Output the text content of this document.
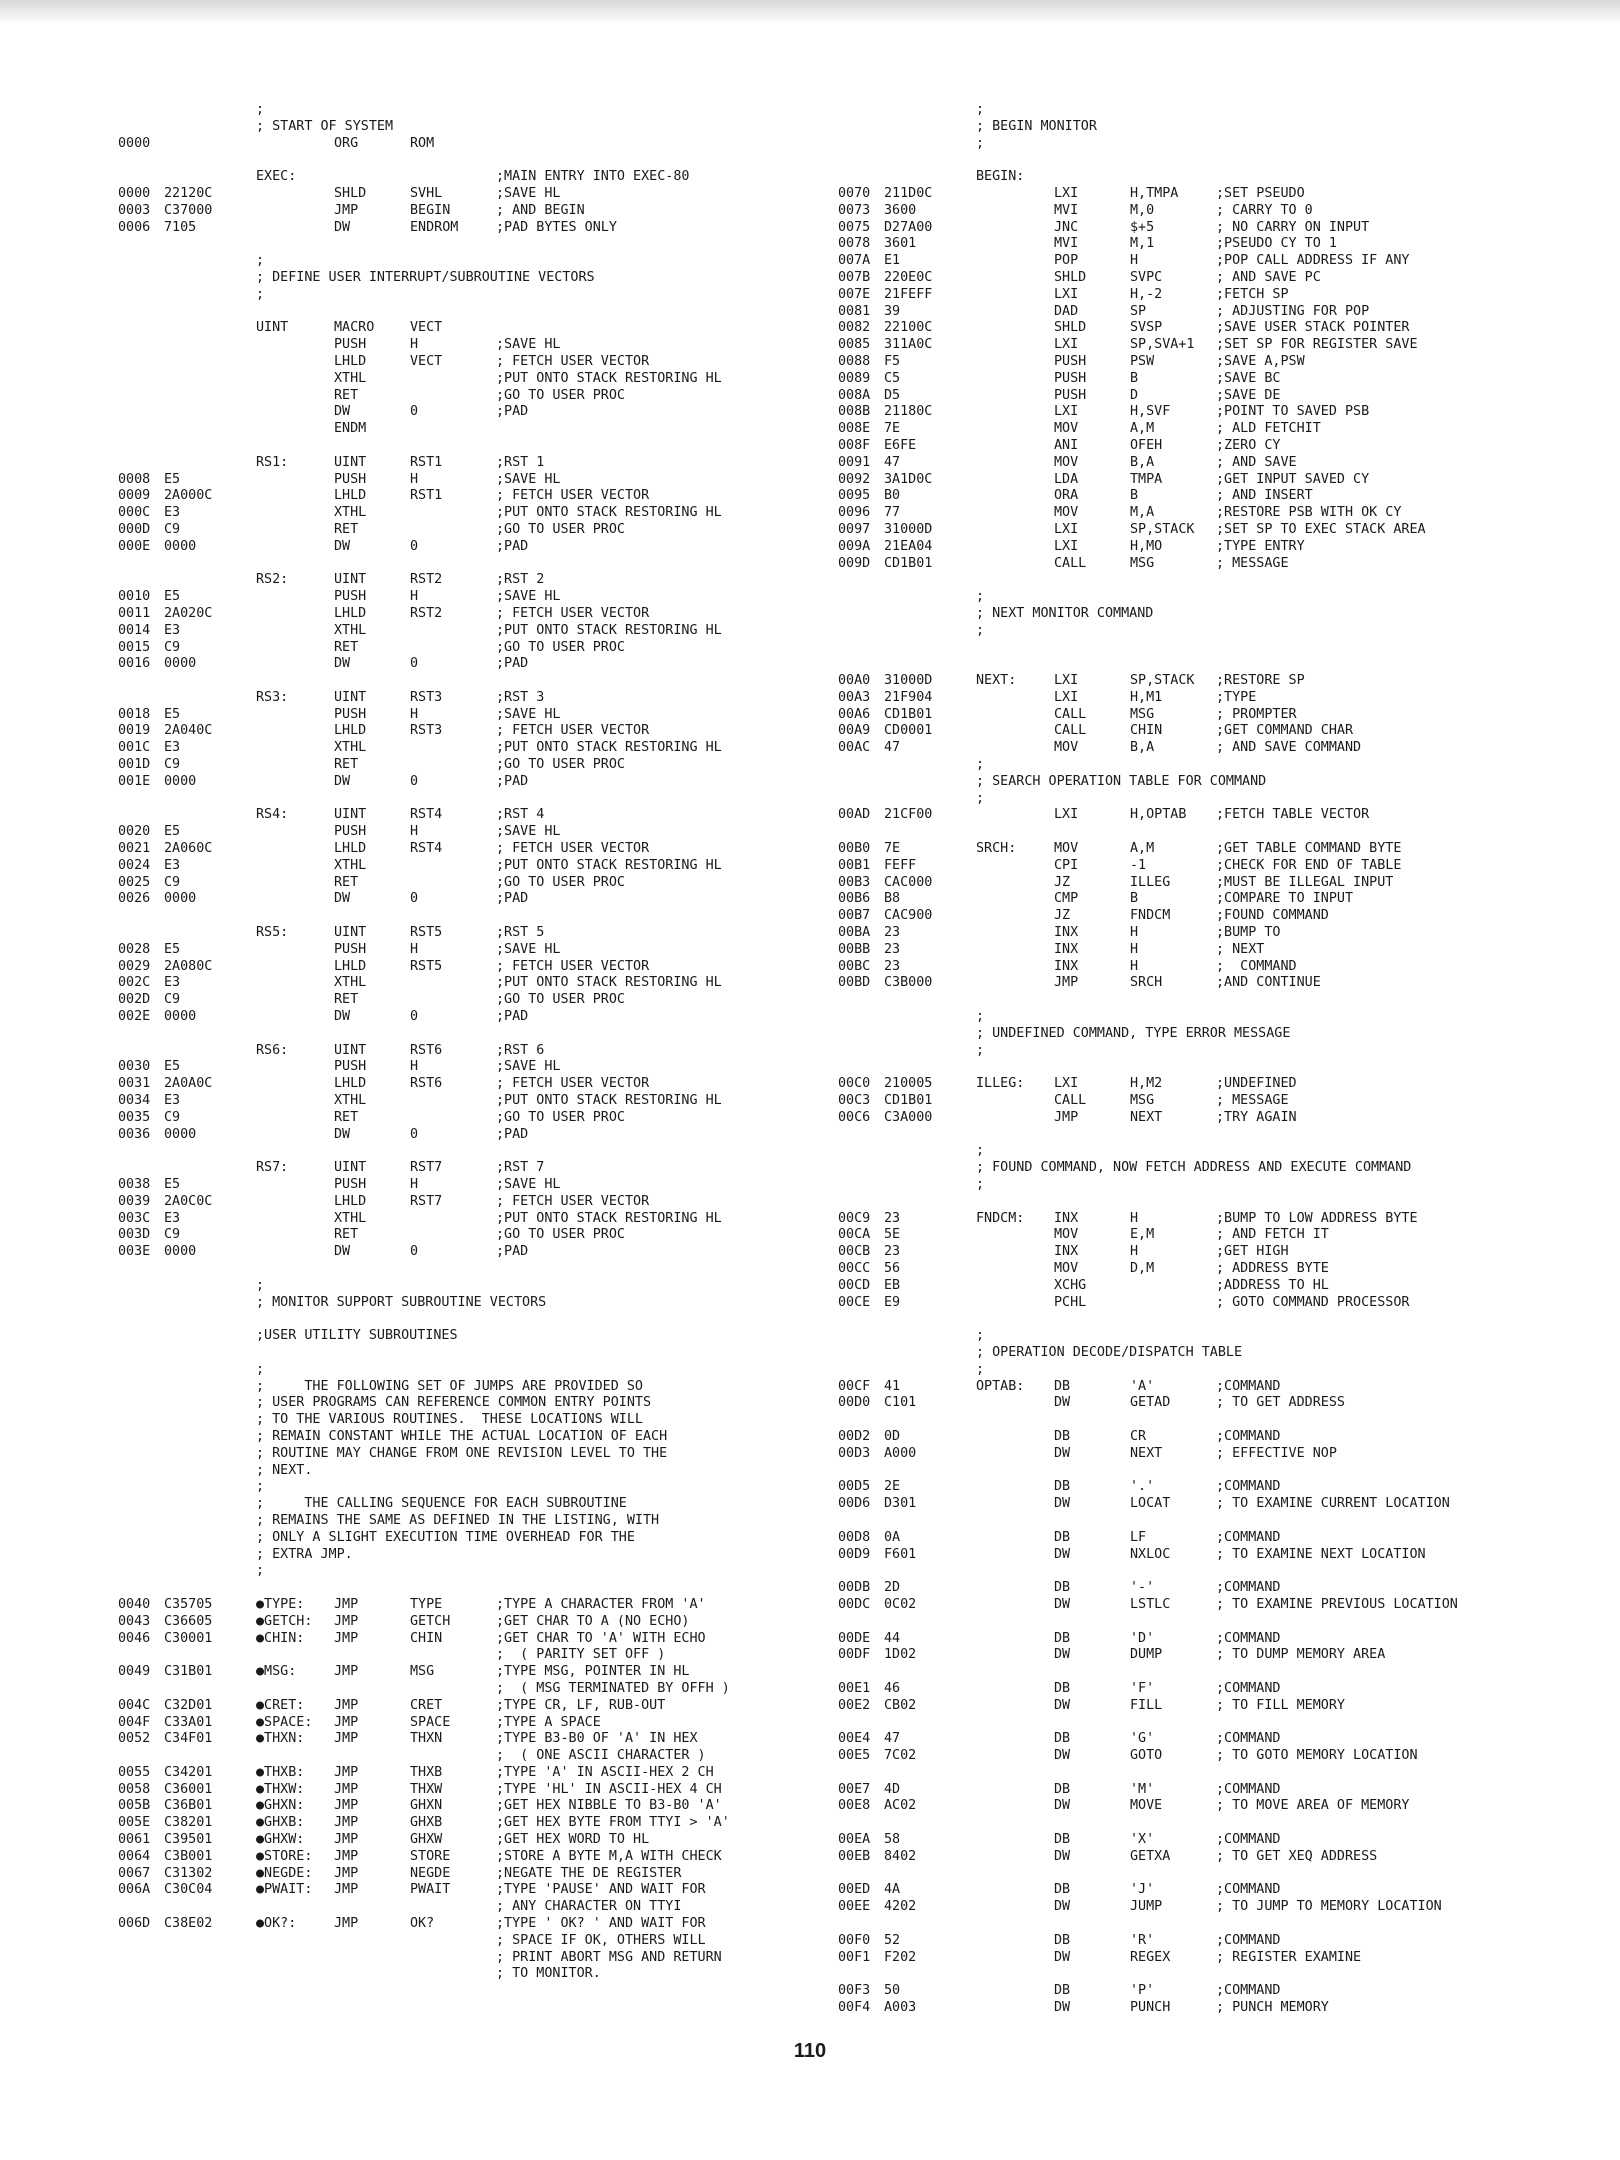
;
; START OF SYSTEM
0000	ORG	ROM
EXEC:	;MAIN ENTRY INTO EXEC-80
0000 22120C	SHLD	SVHL	;SAVE HL
0003 C37000	JMP	BEGIN	; AND BEGIN
0006 7105	DW	ENDROM	;PAD BYTES ONLY
;
; DEFINE USER INTERRUPT/SUBROUTINE VECTORS
;
UINT	MACRO	VECT
PUSH	H	;SAVE HL
LHLD	VECT	; FETCH USER VECTOR
XTHL	;PUT ONTO STACK RESTORING HL
RET	;GO TO USER PROC
DW	0	;PAD
ENDM
RS1:	UINT	RST1	;RST 1
0008 E5	PUSH	H	;SAVE HL
0009 2A000C	LHLD	RST1	; FETCH USER VECTOR
000C E3	XTHL	;PUT ONTO STACK RESTORING HL
000D C9	RET	;GO TO USER PROC
000E 0000	DW	0	;PAD
RS2:	UINT	RST2	;RST 2
0010 E5	PUSH	H	;SAVE HL
0011 2A020C	LHLD	RST2	; FETCH USER VECTOR
0014 E3	XTHL	;PUT ONTO STACK RESTORING HL
0015 C9	RET	;GO TO USER PROC
0016 0000	DW	0	;PAD
RS3:	UINT	RST3	;RST 3
0018 E5	PUSH	H	;SAVE HL
0019 2A040C	LHLD	RST3	; FETCH USER VECTOR
001C E3	XTHL	;PUT ONTO STACK RESTORING HL
001D C9	RET	;GO TO USER PROC
001E 0000	DW	0	;PAD
RS4:	UINT	RST4	;RST 4
0020 E5	PUSH	H	;SAVE HL
0021 2A060C	LHLD	RST4	; FETCH USER VECTOR
0024 E3	XTHL	;PUT ONTO STACK RESTORING HL
0025 C9	RET	;GO TO USER PROC
0026 0000	DW	0	;PAD
RS5:	UINT	RST5	;RST 5
0028 E5	PUSH	H	;SAVE HL
0029 2A080C	LHLD	RST5	; FETCH USER VECTOR
002C E3	XTHL	;PUT ONTO STACK RESTORING HL
002D C9	RET	;GO TO USER PROC
002E 0000	DW	0	;PAD
RS6:	UINT	RST6	;RST 6
0030 E5	PUSH	H	;SAVE HL
0031 2A0A0C	LHLD	RST6	; FETCH USER VECTOR
0034 E3	XTHL	;PUT ONTO STACK RESTORING HL
0035 C9	RET	;GO TO USER PROC
0036 0000	DW	0	;PAD
RS7:	UINT	RST7	;RST 7
0038 E5	PUSH	H	;SAVE HL
0039 2A0C0C	LHLD	RST7	; FETCH USER VECTOR
003C E3	XTHL	;PUT ONTO STACK RESTORING HL
003D C9	RET	;GO TO USER PROC
003E 0000	DW	0	;PAD
;
; MONITOR SUPPORT SUBROUTINE VECTORS
;USER UTILITY SUBROUTINES
;
;     THE FOLLOWING SET OF JUMPS ARE PROVIDED SO
; USER PROGRAMS CAN REFERENCE COMMON ENTRY POINTS
; TO THE VARIOUS ROUTINES.  THESE LOCATIONS WILL
; REMAIN CONSTANT WHILE THE ACTUAL LOCATION OF EACH
; ROUTINE MAY CHANGE FROM ONE REVISION LEVEL TO THE
; NEXT.
;
;     THE CALLING SEQUENCE FOR EACH SUBROUTINE
; REMAINS THE SAME AS DEFINED IN THE LISTING, WITH
; ONLY A SLIGHT EXECUTION TIME OVERHEAD FOR THE
; EXTRA JMP.
;
0040 C35705	●TYPE: JMP	TYPE	;TYPE A CHARACTER FROM 'A'
0043 C36605	●GETCH: JMP	GETCH	;GET CHAR TO A (NO ECHO)
0046 C30001	●CHIN: JMP	CHIN	;GET CHAR TO 'A' WITH ECHO
;  ( PARITY SET OFF )
0049 C31B01	●MSG:	JMP	MSG	;TYPE MSG, POINTER IN HL
;  ( MSG TERMINATED BY OFFH )
004C C32D01	●CRET: JMP	CRET	;TYPE CR, LF, RUB-OUT
004F C33A01	●SPACE: JMP	SPACE	;TYPE A SPACE
0052 C34F01	●THXN: JMP	THXN	;TYPE B3-B0 OF 'A' IN HEX
;  ( ONE ASCII CHARACTER )
0055 C34201	●THXB: JMP	THXB	;TYPE 'A' IN ASCII-HEX 2 CH
0058 C36001	●THXW: JMP	THXW	;TYPE 'HL' IN ASCII-HEX 4 CH
005B C36B01	●GHXN: JMP	GHXN	;GET HEX NIBBLE TO B3-B0 'A'
005E C38201	●GHXB: JMP	GHXB	;GET HEX BYTE FROM TTYI > 'A'
0061 C39501	●GHXW: JMP	GHXW	;GET HEX WORD TO HL
0064 C3B001	●STORE: JMP	STORE	;STORE A BYTE M,A WITH CHECK
0067 C31302	●NEGDE: JMP	NEGDE	;NEGATE THE DE REGISTER
006A C30C04	●PWAIT: JMP	PWAIT	;TYPE 'PAUSE' AND WAIT FOR
; ANY CHARACTER ON TTYI
006D C38E02	●OK?:	JMP	OK?	;TYPE ' OK? ' AND WAIT FOR
; SPACE IF OK, OTHERS WILL
; PRINT ABORT MSG AND RETURN
; TO MONITOR.
;
; BEGIN MONITOR
;
BEGIN:
0070 211D0C	LXI	H,TMPA	;SET PSEUDO
0073 3600	MVI	M,0	; CARRY TO 0
0075 D27A00	JNC	$+5	; NO CARRY ON INPUT
0078 3601	MVI	M,1	;PSEUDO CY TO 1
007A E1	POP	H	;POP CALL ADDRESS IF ANY
007B 220E0C	SHLD	SVPC	; AND SAVE PC
007E 21FEFF	LXI	H,-2	;FETCH SP
0081 39	DAD	SP	; ADJUSTING FOR POP
0082 22100C	SHLD	SVSP	;SAVE USER STACK POINTER
0085 311A0C	LXI	SP,SVA+1 ;SET SP FOR REGISTER SAVE
0088 F5	PUSH	PSW	;SAVE A,PSW
0089 C5	PUSH	B	;SAVE BC
008A D5	PUSH	D	;SAVE DE
008B 21180C	LXI	H,SVF	;POINT TO SAVED PSB
008E 7E	MOV	A,M	; ALD FETCHIT
008F E6FE	ANI	OFEH	;ZERO CY
0091 47	MOV	B,A	; AND SAVE
0092 3A1D0C	LDA	TMPA	;GET INPUT SAVED CY
0095 B0	ORA	B	; AND INSERT
0096 77	MOV	M,A	;RESTORE PSB WITH OK CY
0097 31000D	LXI	SP,STACK ;SET SP TO EXEC STACK AREA
009A 21EA04	LXI	H,MO	;TYPE ENTRY
009D CD1B01	CALL	MSG	; MESSAGE
;
; NEXT MONITOR COMMAND
;
00A0 31000D	NEXT:	LXI	SP,STACK ;RESTORE SP
00A3 21F904	LXI	H,M1	;TYPE
00A6 CD1B01	CALL	MSG	; PROMPTER
00A9 CD0001	CALL	CHIN	;GET COMMAND CHAR
00AC 47	MOV	B,A	; AND SAVE COMMAND
;
; SEARCH OPERATION TABLE FOR COMMAND
;
00AD 21CF00	LXI	H,OPTAB ;FETCH TABLE VECTOR
00B0 7E	SRCH:	MOV	A,M	;GET TABLE COMMAND BYTE
00B1 FEFF	CPI	-1	;CHECK FOR END OF TABLE
00B3 CAC000	JZ	ILLEG	;MUST BE ILLEGAL INPUT
00B6 B8	CMP	B	;COMPARE TO INPUT
00B7 CAC900	JZ	FNDCM	;FOUND COMMAND
00BA 23	INX	H	;BUMP TO
00BB 23	INX	H	; NEXT
00BC 23	INX	H	;  COMMAND
00BD C3B000	JMP	SRCH	;AND CONTINUE
;
; UNDEFINED COMMAND, TYPE ERROR MESSAGE
;
00C0 210005	ILLEG: LXI	H,M2	;UNDEFINED
00C3 CD1B01	CALL	MSG	; MESSAGE
00C6 C3A000	JMP	NEXT	;TRY AGAIN
;
; FOUND COMMAND, NOW FETCH ADDRESS AND EXECUTE COMMAND
;
00C9 23	FNDCM: INX	H	;BUMP TO LOW ADDRESS BYTE
00CA 5E	MOV	E,M	; AND FETCH IT
00CB 23	INX	H	;GET HIGH
00CC 56	MOV	D,M	; ADDRESS BYTE
00CD EB	XCHG	;ADDRESS TO HL
00CE E9	PCHL	; GOTO COMMAND PROCESSOR
;
; OPERATION DECODE/DISPATCH TABLE
;
00CF 41	OPTAB: DB	'A'	;COMMAND
00D0 C101	DW	GETAD	; TO GET ADDRESS
00D2 0D	DB	CR	;COMMAND
00D3 A000	DW	NEXT	; EFFECTIVE NOP
00D5 2E	DB	'.'	;COMMAND
00D6 D301	DW	LOCAT	; TO EXAMINE CURRENT LOCATION
00D8 0A	DB	LF	;COMMAND
00D9 F601	DW	NXLOC	; TO EXAMINE NEXT LOCATION
00DB 2D	DB	'-'	;COMMAND
00DC 0C02	DW	LSTLC	; TO EXAMINE PREVIOUS LOCATION
00DE 44	DB	'D'	;COMMAND
00DF 1D02	DW	DUMP	; TO DUMP MEMORY AREA
00E1 46	DB	'F'	;COMMAND
00E2 CB02	DW	FILL	; TO FILL MEMORY
00E4 47	DB	'G'	;COMMAND
00E5 7C02	DW	GOTO	; TO GOTO MEMORY LOCATION
00E7 4D	DB	'M'	;COMMAND
00E8 AC02	DW	MOVE	; TO MOVE AREA OF MEMORY
00EA 58	DB	'X'	;COMMAND
00EB 8402	DW	GETXA	; TO GET XEQ ADDRESS
00ED 4A	DB	'J'	;COMMAND
00EE 4202	DW	JUMP	; TO JUMP TO MEMORY LOCATION
00F0 52	DB	'R'	;COMMAND
00F1 F202	DW	REGEX	; REGISTER EXAMINE
00F3 50	DB	'P'	;COMMAND
00F4 A003	DW	PUNCH	; PUNCH MEMORY
110
